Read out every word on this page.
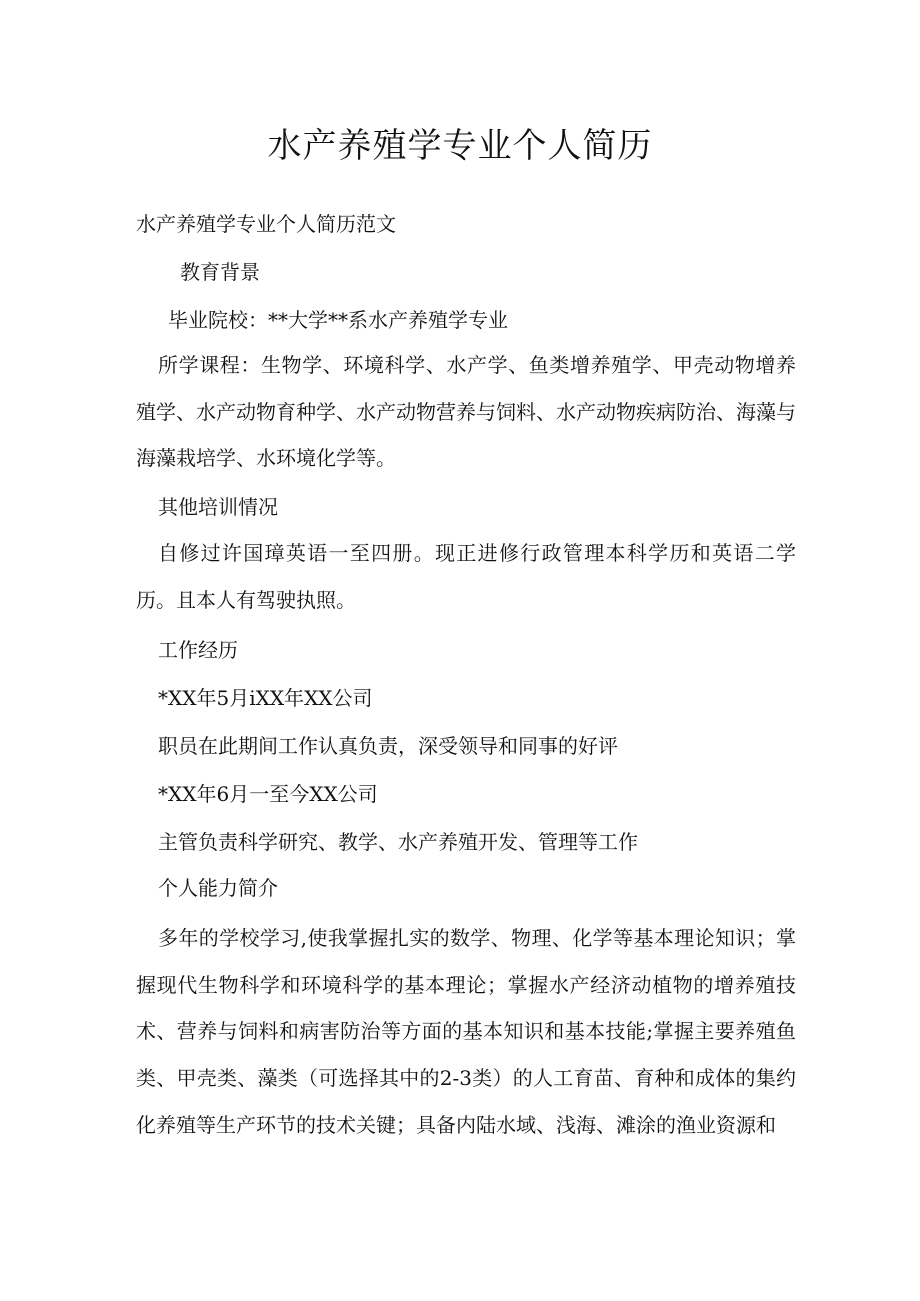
水产养殖学专业个人简历

水产养殖学专业个人简历范文

教育背景

毕业院校：**大学**系水产养殖学专业

所学课程：生物学、环境科学、水产学、鱼类增养殖学、甲壳动物增养殖学、水产动物育种学、水产动物营养与饲料、水产动物疾病防治、海藻与海藻栽培学、水环境化学等。

其他培训情况

自修过许国璋英语一至四册。现正进修行政管理本科学历和英语二学历。且本人有驾驶执照。

工作经历

*XX年5月iXX年XX公司

职员在此期间工作认真负责，深受领导和同事的好评

*XX年6月一至今XX公司

主管负责科学研究、教学、水产养殖开发、管理等工作

个人能力简介

多年的学校学习,使我掌握扎实的数学、物理、化学等基本理论知识；掌握现代生物科学和环境科学的基本理论；掌握水产经济动植物的增养殖技术、营养与饲料和病害防治等方面的基本知识和基本技能;掌握主要养殖鱼类、甲壳类、藻类（可选择其中的2-3类）的人工育苗、育种和成体的集约化养殖等生产环节的技术关键；具备内陆水域、浅海、滩涂的渔业资源和
